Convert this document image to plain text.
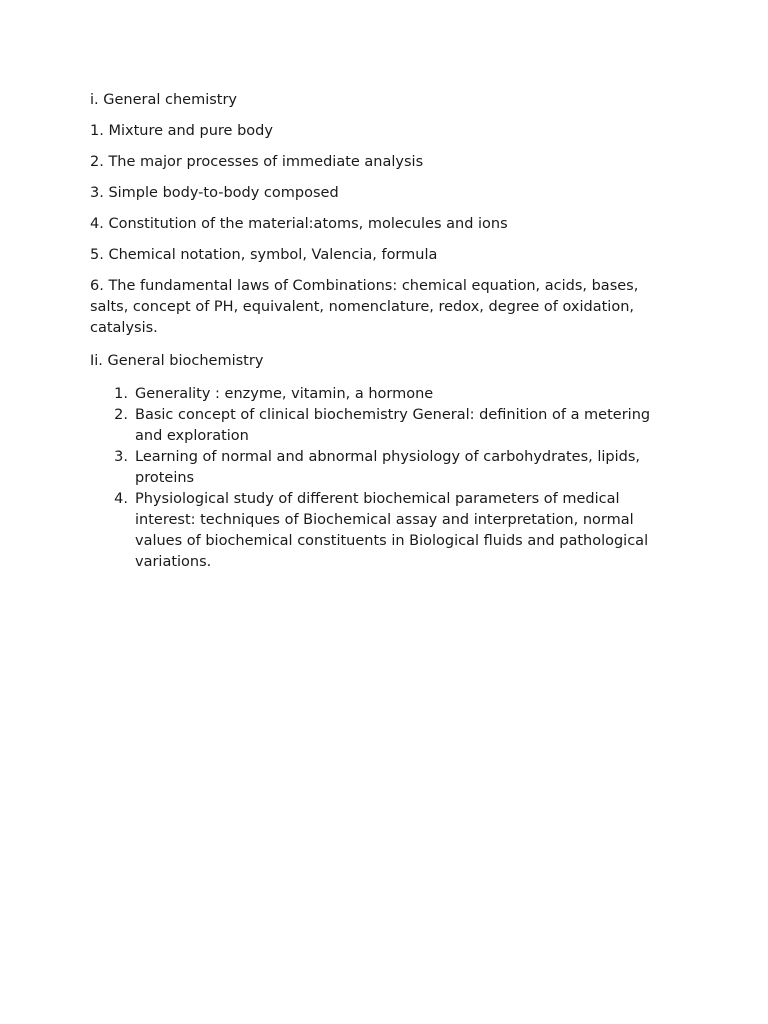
i. General chemistry

1. Mixture and pure body

2. The major processes of immediate analysis

3. Simple body-to-body composed

4. Constitution of the material:atoms, molecules and ions

5. Chemical notation, symbol, Valencia, formula

6. The fundamental laws of Combinations: chemical equation, acids, bases, salts, concept of PH, equivalent, nomenclature, redox, degree of oxidation, catalysis.

Ii. General biochemistry

1. Generality : enzyme, vitamin, a hormone
2. Basic concept of clinical biochemistry General: definition of a metering and exploration
3. Learning of normal and abnormal physiology of carbohydrates, lipids, proteins
4. Physiological study of different biochemical parameters of medical interest: techniques of Biochemical assay and interpretation, normal values of biochemical constituents in Biological fluids and pathological variations.
